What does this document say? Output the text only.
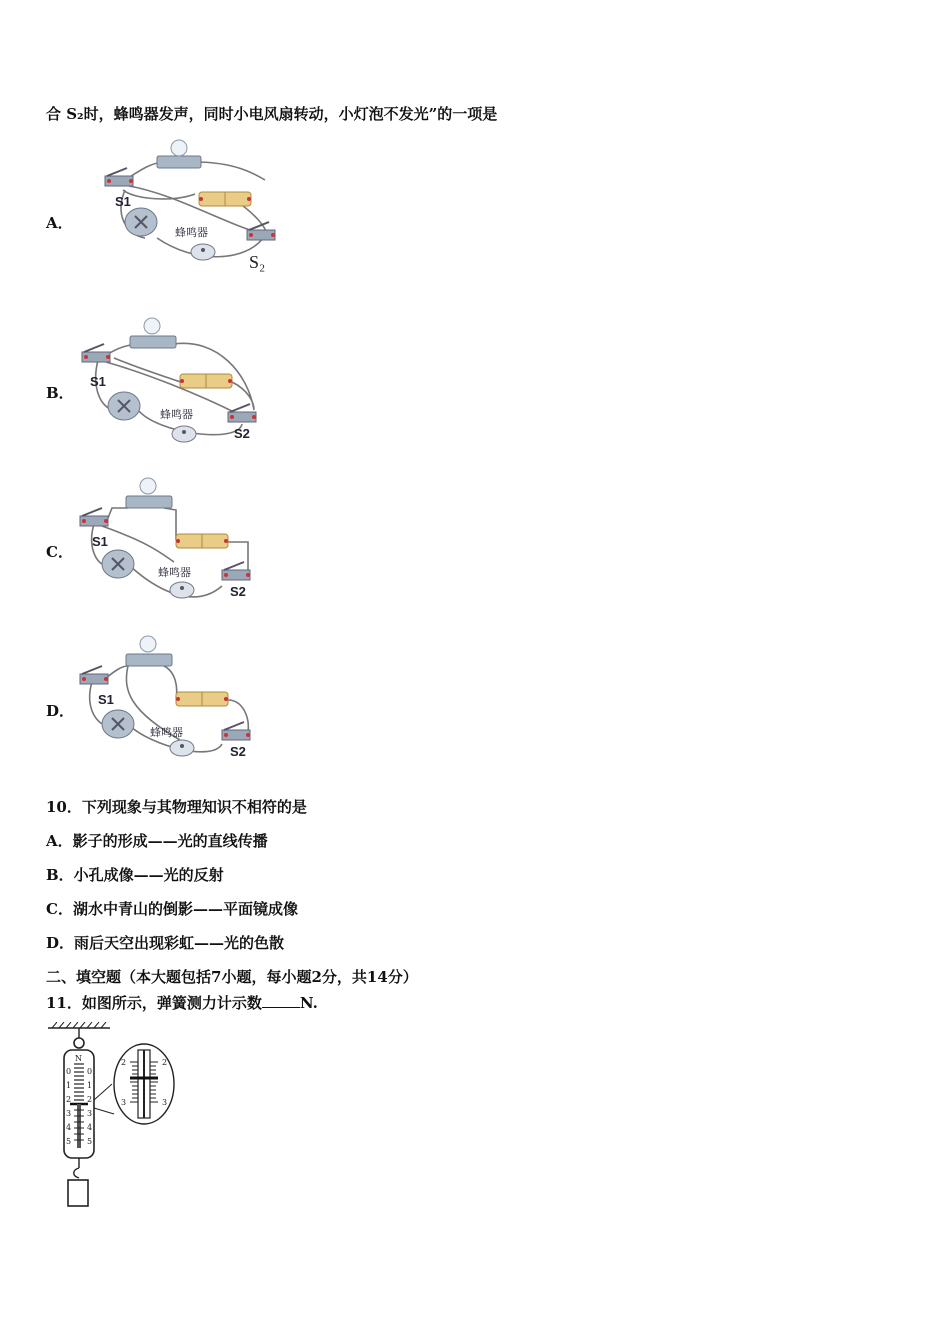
合 S₂时，蜂鸣器发声，同时小电风扇转动，小灯泡不发光”的一项是
A．
S1
蜂鸣器
S₂
B．
S1
蜂鸣器
S2
C．
S1
蜂鸣器
S2
D．
S1
蜂鸣器
S2
10．下列现象与其物理知识不相符的是
A．影子的形成——光的直线传播
B．小孔成像——光的反射
C．湖水中青山的倒影——平面镜成像
D．雨后天空出现彩虹——光的色散
二、填空题（本大题包括7小题，每小题2分，共14分）
11．如图所示，弹簧测力计示数	N.
N
0
1
2
3
4
5
0
1
2
3
4
5
2	2
3	3
